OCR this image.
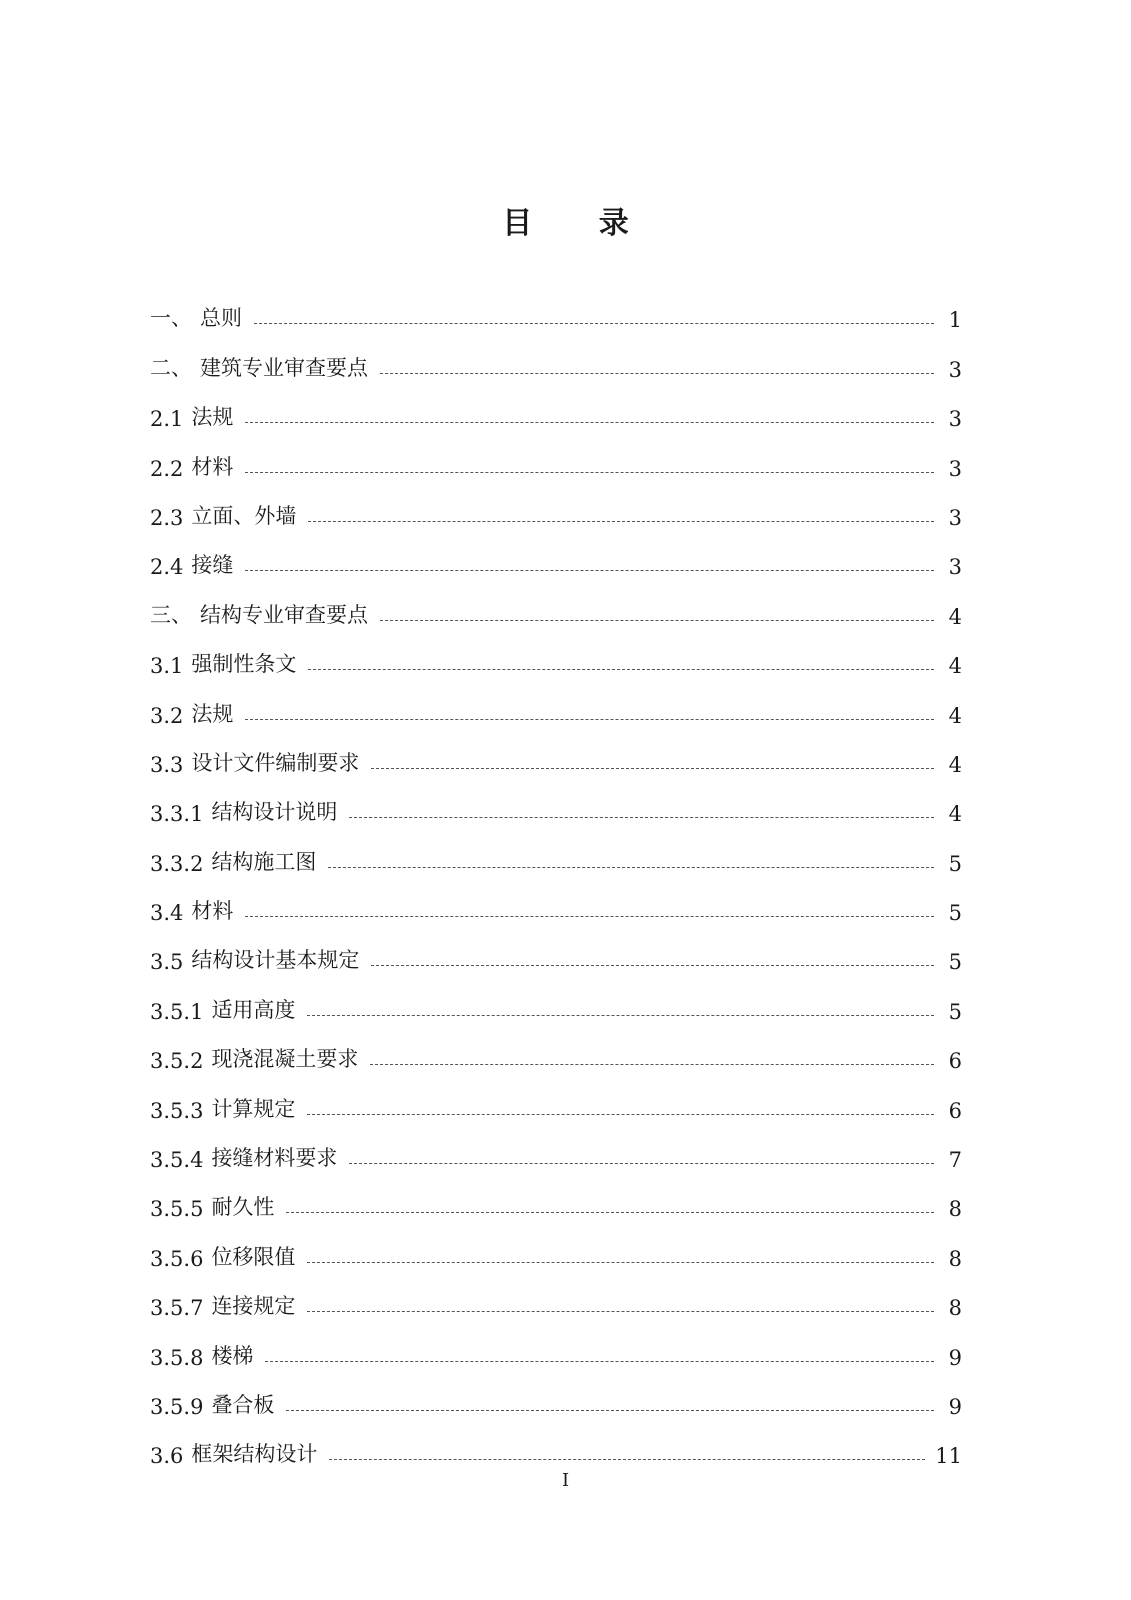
目 录
一、 总则	1
二、 建筑专业审查要点	3
2.1 法规	3
2.2 材料	3
2.3 立面、外墙	3
2.4 接缝	3
三、 结构专业审查要点	4
3.1 强制性条文	4
3.2 法规	4
3.3 设计文件编制要求	4
3.3.1 结构设计说明	4
3.3.2 结构施工图	5
3.4 材料	5
3.5 结构设计基本规定	5
3.5.1 适用高度	5
3.5.2 现浇混凝土要求	6
3.5.3 计算规定	6
3.5.4 接缝材料要求	7
3.5.5 耐久性	8
3.5.6 位移限值	8
3.5.7 连接规定	8
3.5.8 楼梯	9
3.5.9 叠合板	9
3.6 框架结构设计	11
I
